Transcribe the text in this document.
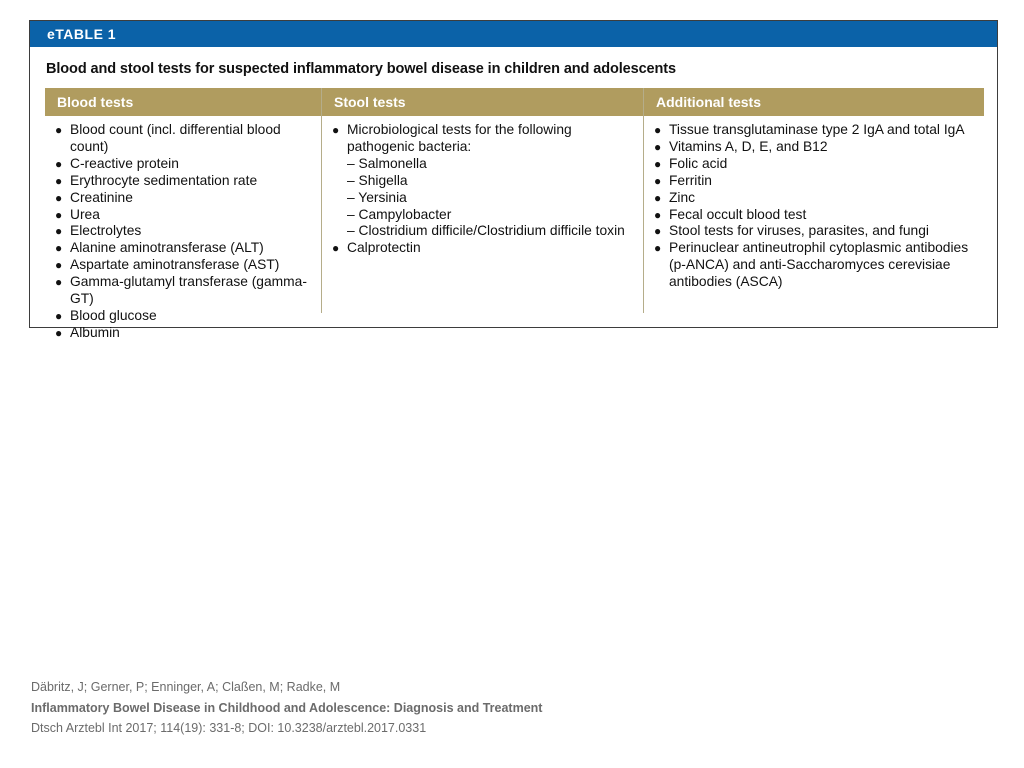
eTABLE 1
Blood and stool tests for suspected inflammatory bowel disease in children and adolescents
Blood tests
● Blood count (incl. differential blood count)
● C-reactive protein
● Erythrocyte sedimentation rate
● Creatinine
● Urea
● Electrolytes
● Alanine aminotransferase (ALT)
● Aspartate aminotransferase (AST)
● Gamma-glutamyl transferase (gamma-GT)
● Blood glucose
● Albumin
Stool tests
● Microbiological tests for the following pathogenic bacteria:
– Salmonella
– Shigella
– Yersinia
– Campylobacter
– Clostridium difficile/Clostridium difficile toxin
● Calprotectin
Additional tests
● Tissue transglutaminase type 2 IgA and total IgA
● Vitamins A, D, E, and B12
● Folic acid
● Ferritin
● Zinc
● Fecal occult blood test
● Stool tests for viruses, parasites, and fungi
● Perinuclear antineutrophil cytoplasmic antibodies (p-ANCA) and anti-Saccharomyces cerevisiae antibodies (ASCA)
Däbritz, J; Gerner, P; Enninger, A; Claßen, M; Radke, M
Inflammatory Bowel Disease in Childhood and Adolescence: Diagnosis and Treatment
Dtsch Arztebl Int 2017; 114(19): 331-8; DOI: 10.3238/arztebl.2017.0331
